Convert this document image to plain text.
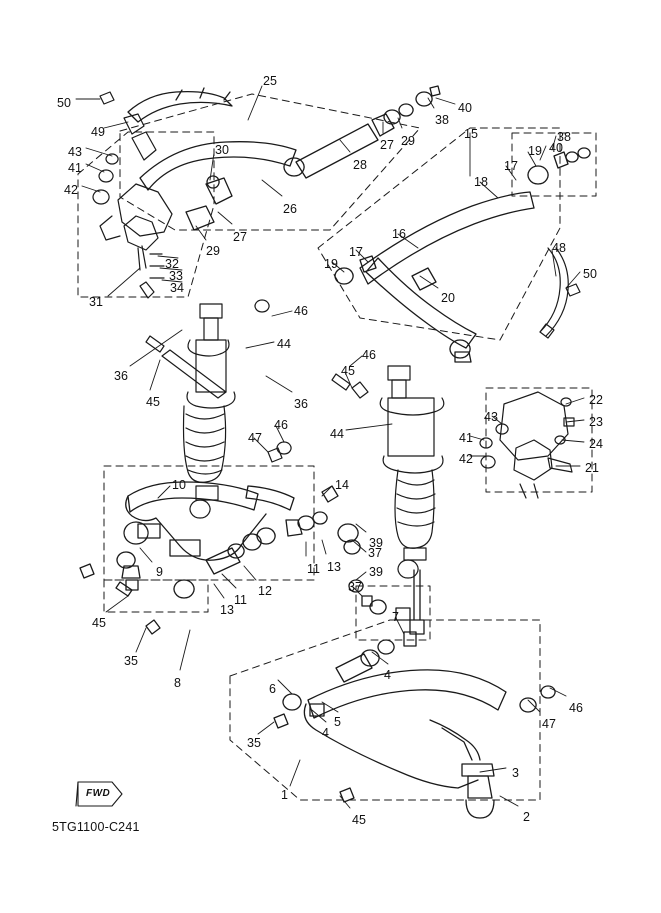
50
49
43
41
42
31
25
30
26
28
27 29
38
40
27
29
32
33
34
15
40
38
19
17
18
16
17
19
20
48
50
46
44
36
36
45
45
46
44
46
47
43
41
42
22
23
24
21
10	14
9
12
11
13
11 13
39
37
39
37
45
35
8
7
4
6
4
5
35
1
45
3
2
47
46
FWD
5TG1100-C241
